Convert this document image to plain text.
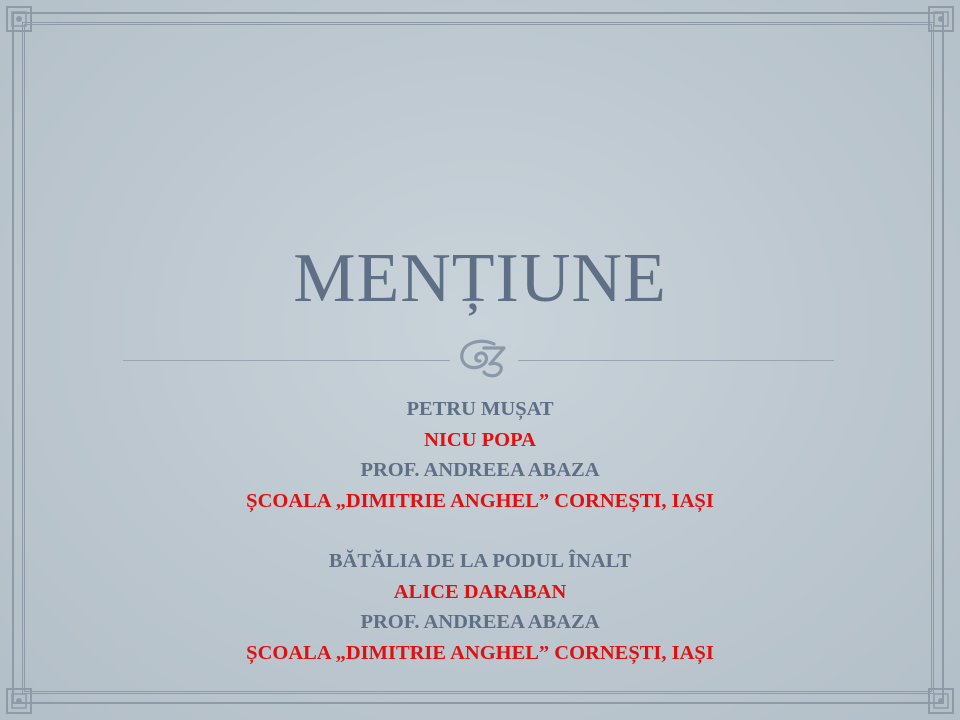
MENȚIUNE
PETRU MUȘAT
NICU POPA
PROF. ANDREEA ABAZA
ȘCOALA „DIMITRIE ANGHEL” CORNEȘTI, IAȘI
BĂTĂLIA DE LA PODUL ÎNALT
ALICE DARABAN
PROF. ANDREEA ABAZA
ȘCOALA „DIMITRIE ANGHEL” CORNEȘTI, IAȘI
